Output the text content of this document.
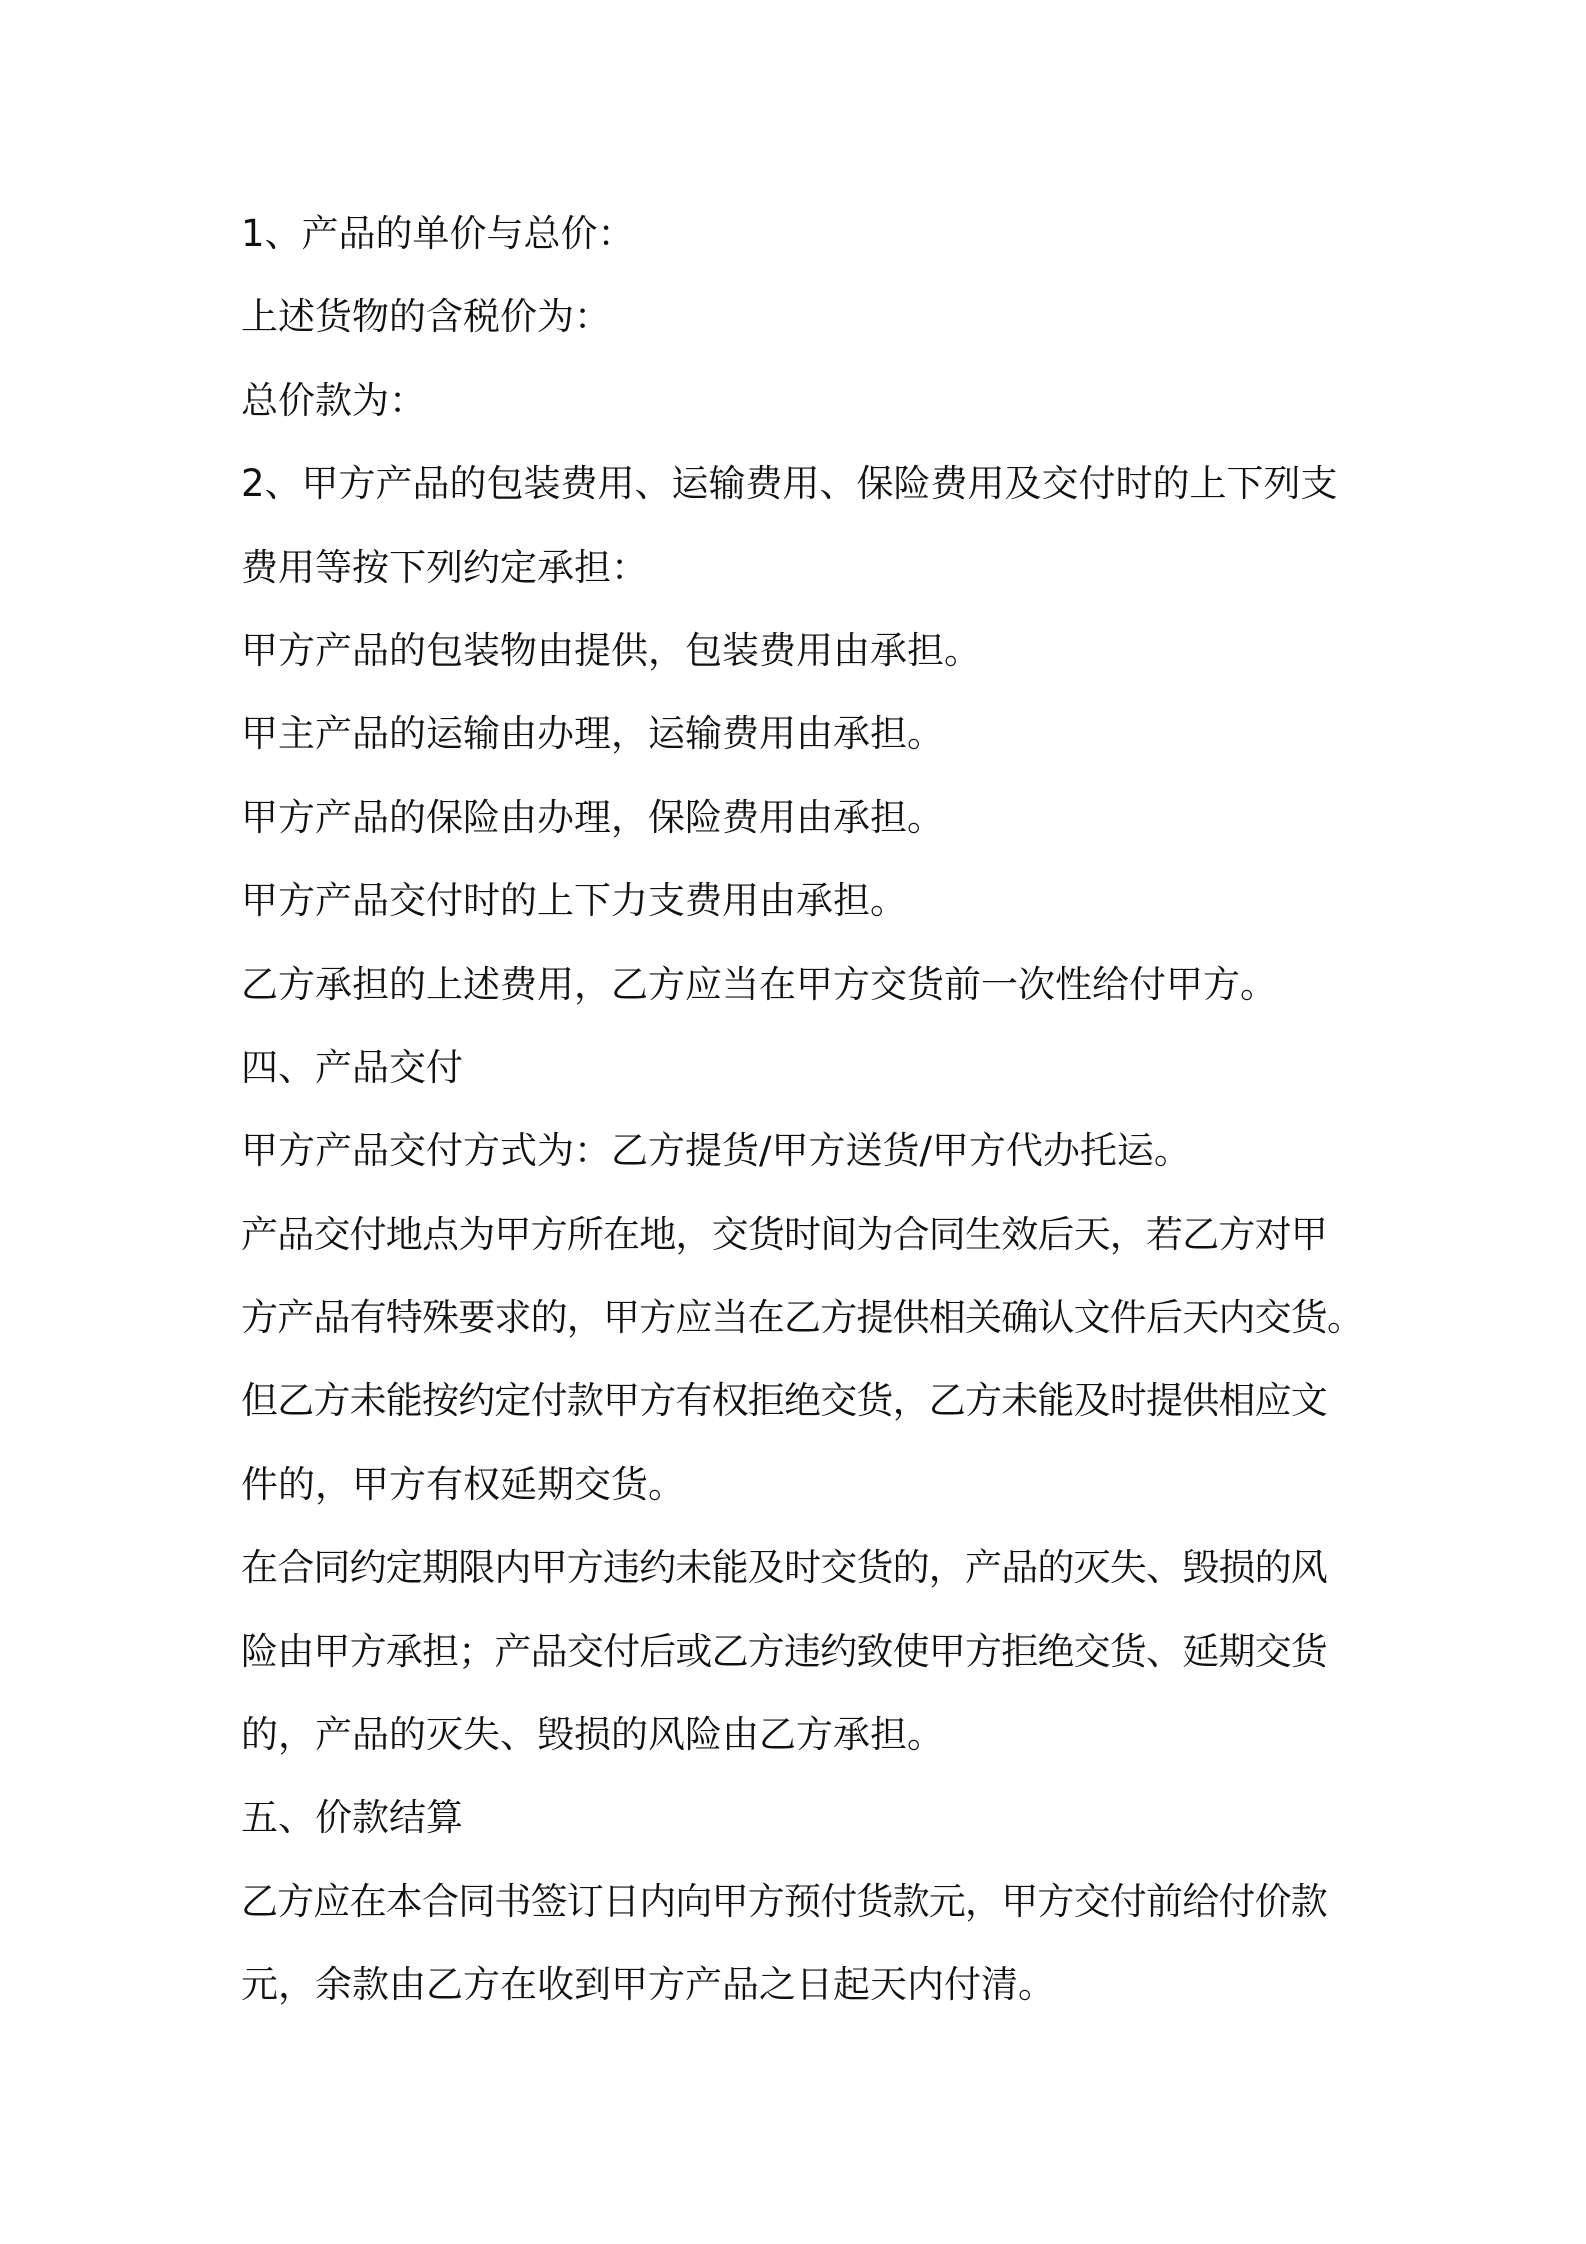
1、产品的单价与总价：
上述货物的含税价为：
总价款为：
2、甲方产品的包装费用、运输费用、保险费用及交付时的上下列支
费用等按下列约定承担：
甲方产品的包装物由提供，包装费用由承担。
甲主产品的运输由办理，运输费用由承担。
甲方产品的保险由办理，保险费用由承担。
甲方产品交付时的上下力支费用由承担。
乙方承担的上述费用，乙方应当在甲方交货前一次性给付甲方。
四、产品交付
甲方产品交付方式为：乙方提货/甲方送货/甲方代办托运。
产品交付地点为甲方所在地，交货时间为合同生效后天，若乙方对甲
方产品有特殊要求的，甲方应当在乙方提供相关确认文件后天内交货。
但乙方未能按约定付款甲方有权拒绝交货，乙方未能及时提供相应文
件的，甲方有权延期交货。
在合同约定期限内甲方违约未能及时交货的，产品的灭失、毁损的风
险由甲方承担；产品交付后或乙方违约致使甲方拒绝交货、延期交货
的，产品的灭失、毁损的风险由乙方承担。
五、价款结算
乙方应在本合同书签订日内向甲方预付货款元，甲方交付前给付价款
元，余款由乙方在收到甲方产品之日起天内付清。
